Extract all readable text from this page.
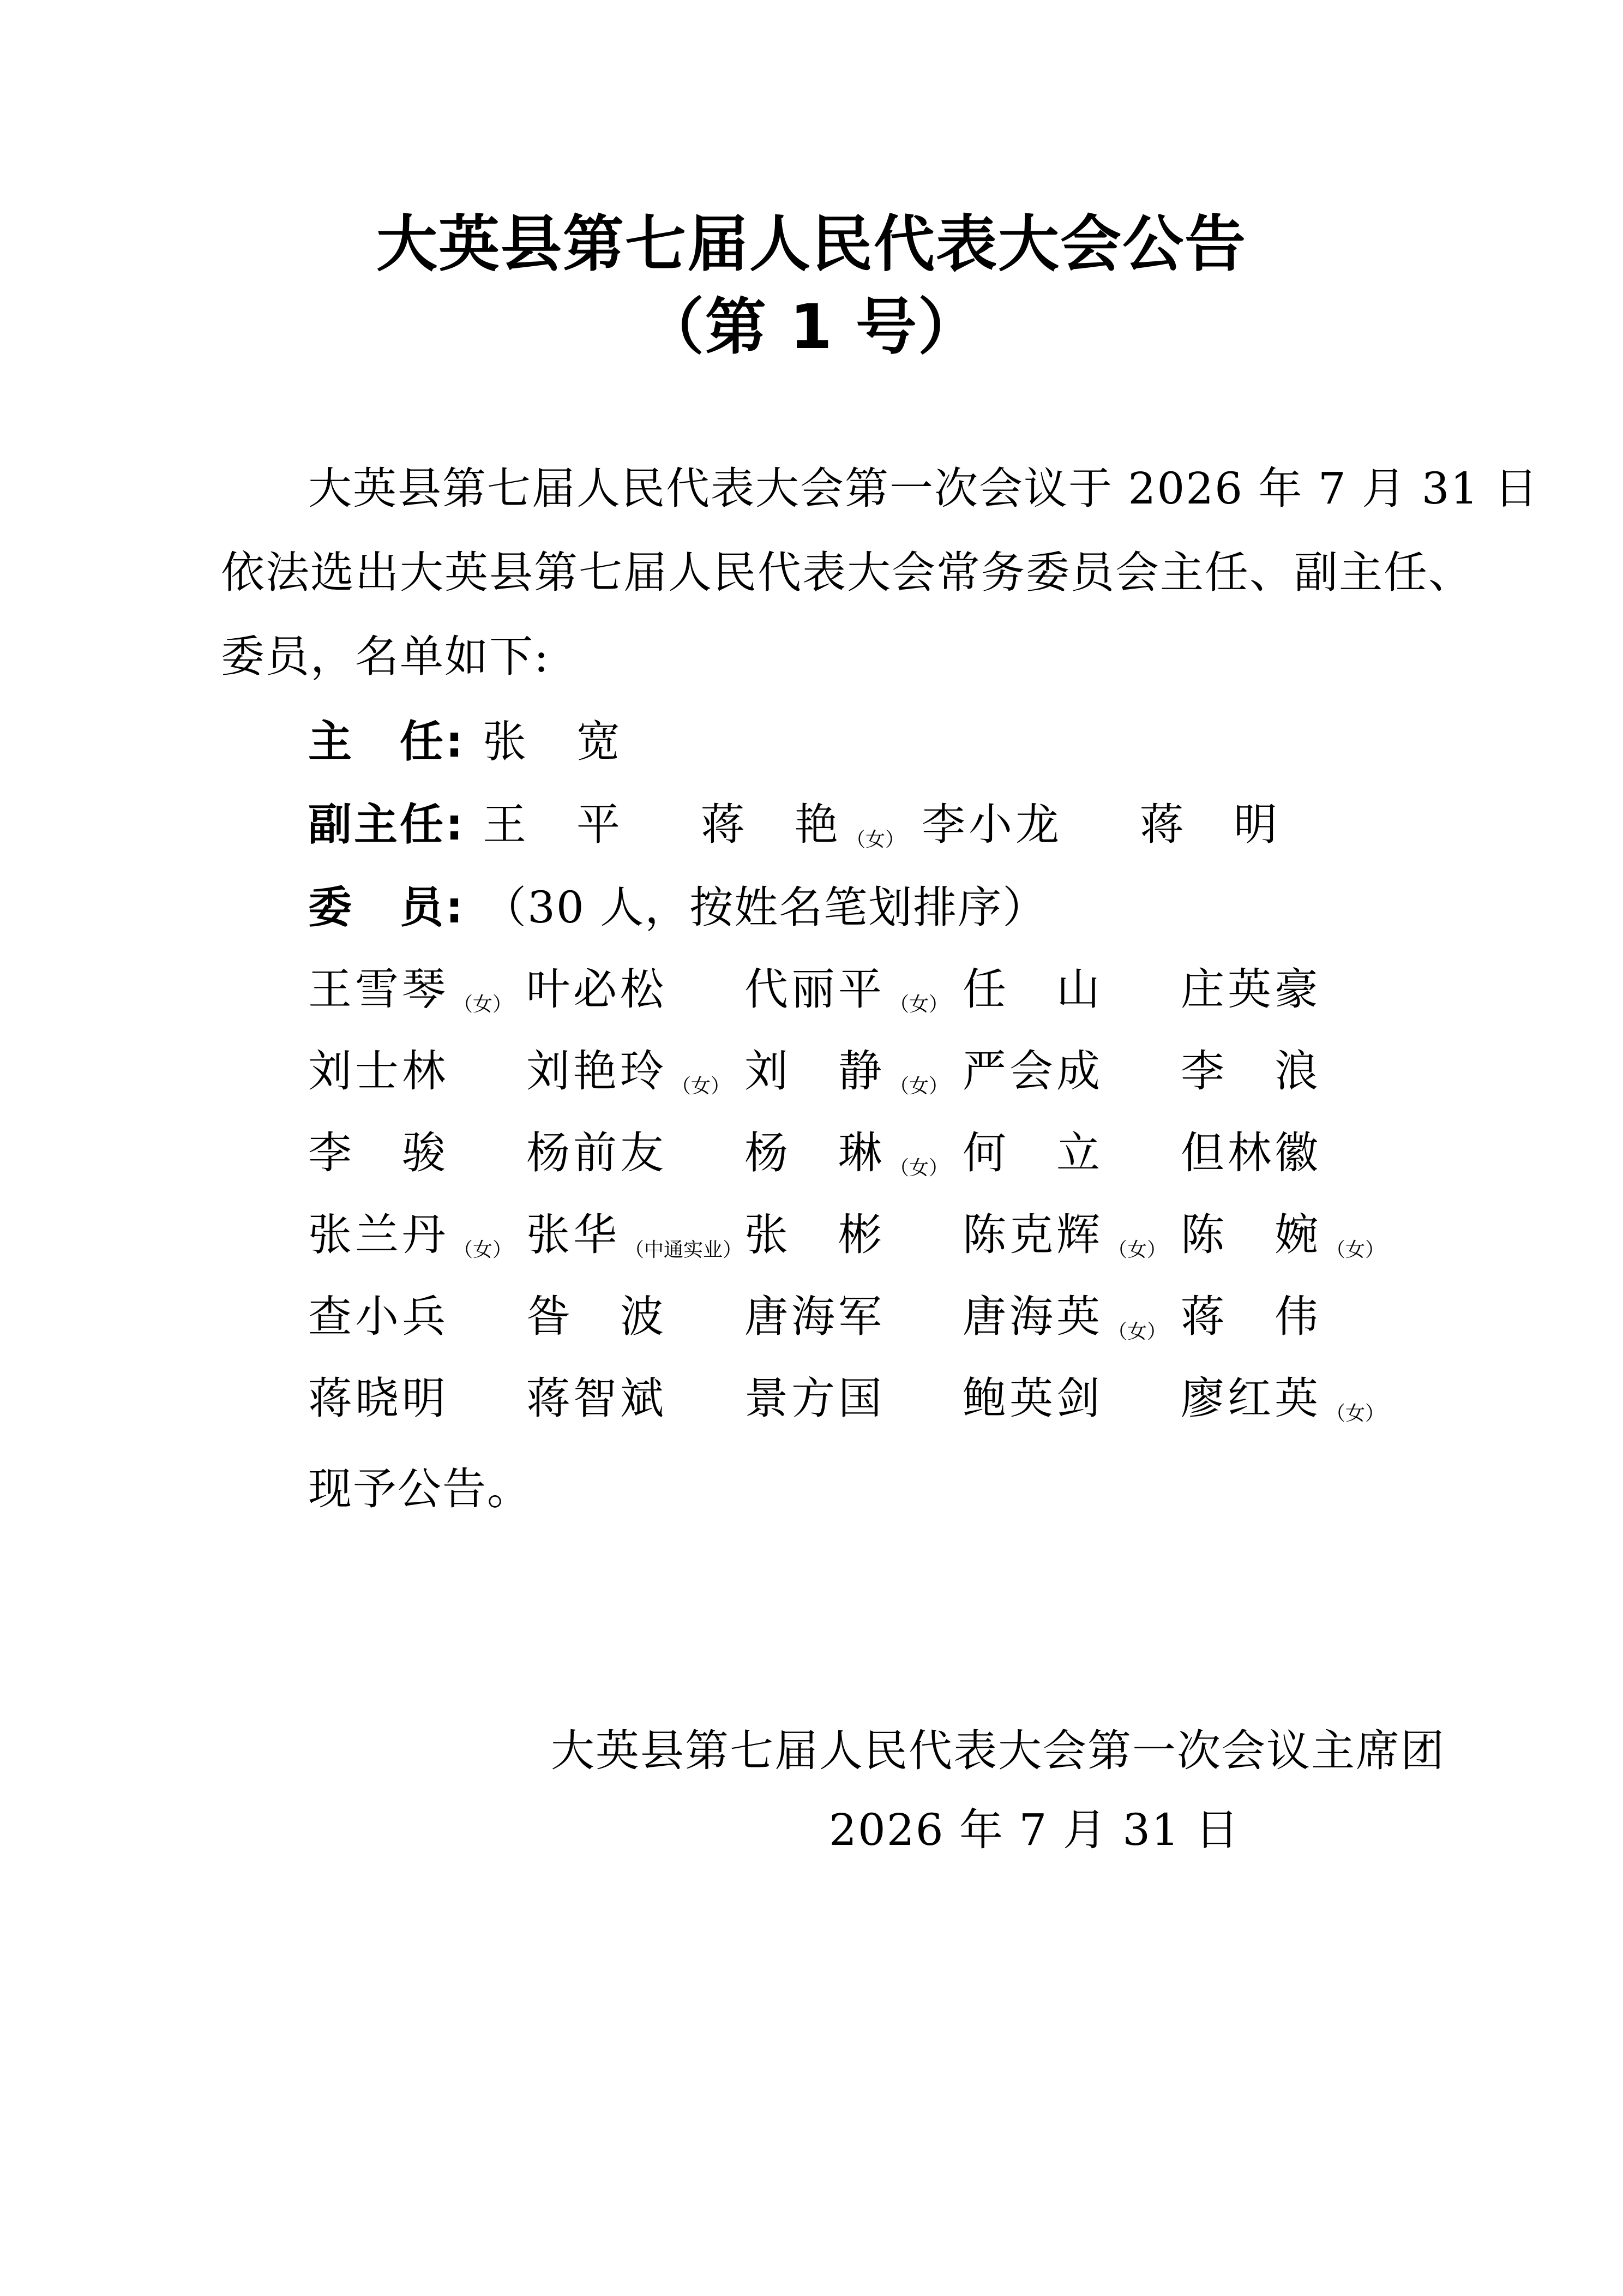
大英县第七届人民代表大会公告
（第 1 号）
大英县第七届人民代表大会第一次会议于 2026 年 7 月 31 日
依法选出大英县第七届人民代表大会常务委员会主任、副主任、
委员，名单如下:
主　任: 张　宽
副主任: 王　平 蒋　艳 （女） 李小龙 蒋　明
委　员: （30 人，按姓名笔划排序）
王雪琴 （女） 叶必松 代丽平 （女） 任　山 庄英豪
刘士林 刘艳玲 （女） 刘　静 （女） 严会成 李　浪
李　骏 杨前友 杨　琳 （女） 何　立 但林徽
张兰丹 （女） 张华 （中通实业） 张　彬 陈克辉 （女） 陈　婉 （女）
查小兵 昝　波 唐海军 唐海英 （女） 蒋　伟
蒋晓明 蒋智斌 景方国 鲍英剑 廖红英 （女）
现予公告。
大英县第七届人民代表大会第一次会议主席团
2026 年 7 月 31 日
